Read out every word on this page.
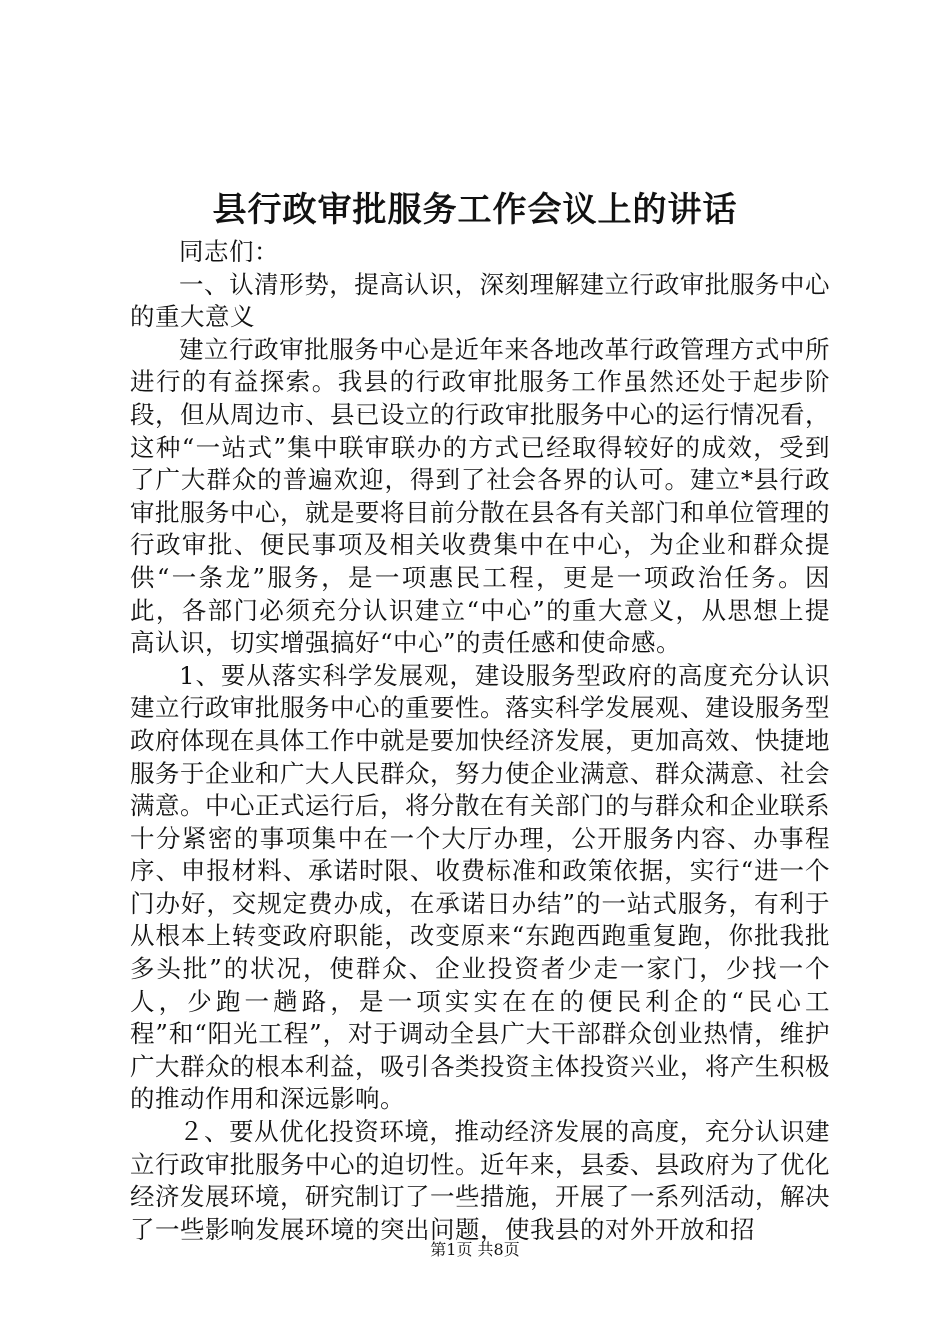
县行政审批服务工作会议上的讲话

同志们：

一、认清形势，提高认识，深刻理解建立行政审批服务中心的重大意义

建立行政审批服务中心是近年来各地改革行政管理方式中所进行的有益探索。我县的行政审批服务工作虽然还处于起步阶段，但从周边市、县已设立的行政审批服务中心的运行情况看，这种“一站式”集中联审联办的方式已经取得较好的成效，受到了广大群众的普遍欢迎，得到了社会各界的认可。建立*县行政审批服务中心，就是要将目前分散在县各有关部门和单位管理的行政审批、便民事项及相关收费集中在中心，为企业和群众提供“一条龙”服务，是一项惠民工程，更是一项政治任务。因此，各部门必须充分认识建立“中心”的重大意义，从思想上提高认识，切实增强搞好“中心”的责任感和使命感。

1、要从落实科学发展观，建设服务型政府的高度充分认识建立行政审批服务中心的重要性。落实科学发展观、建设服务型政府体现在具体工作中就是要加快经济发展，更加高效、快捷地服务于企业和广大人民群众，努力使企业满意、群众满意、社会满意。中心正式运行后，将分散在有关部门的与群众和企业联系十分紧密的事项集中在一个大厅办理，公开服务内容、办事程序、申报材料、承诺时限、收费标准和政策依据，实行“进一个门办好，交规定费办成，在承诺日办结”的一站式服务，有利于从根本上转变政府职能，改变原来“东跑西跑重复跑，你批我批多头批”的状况，使群众、企业投资者少走一家门，少找一个人，少跑一趟路，是一项实实在在的便民利企的“民心工程”和“阳光工程”，对于调动全县广大干部群众创业热情，维护广大群众的根本利益，吸引各类投资主体投资兴业，将产生积极的推动作用和深远影响。

２、要从优化投资环境，推动经济发展的高度，充分认识建立行政审批服务中心的迫切性。近年来，县委、县政府为了优化经济发展环境，研究制订了一些措施，开展了一系列活动，解决了一些影响发展环境的突出问题，使我县的对外开放和招

第1页 共8页
